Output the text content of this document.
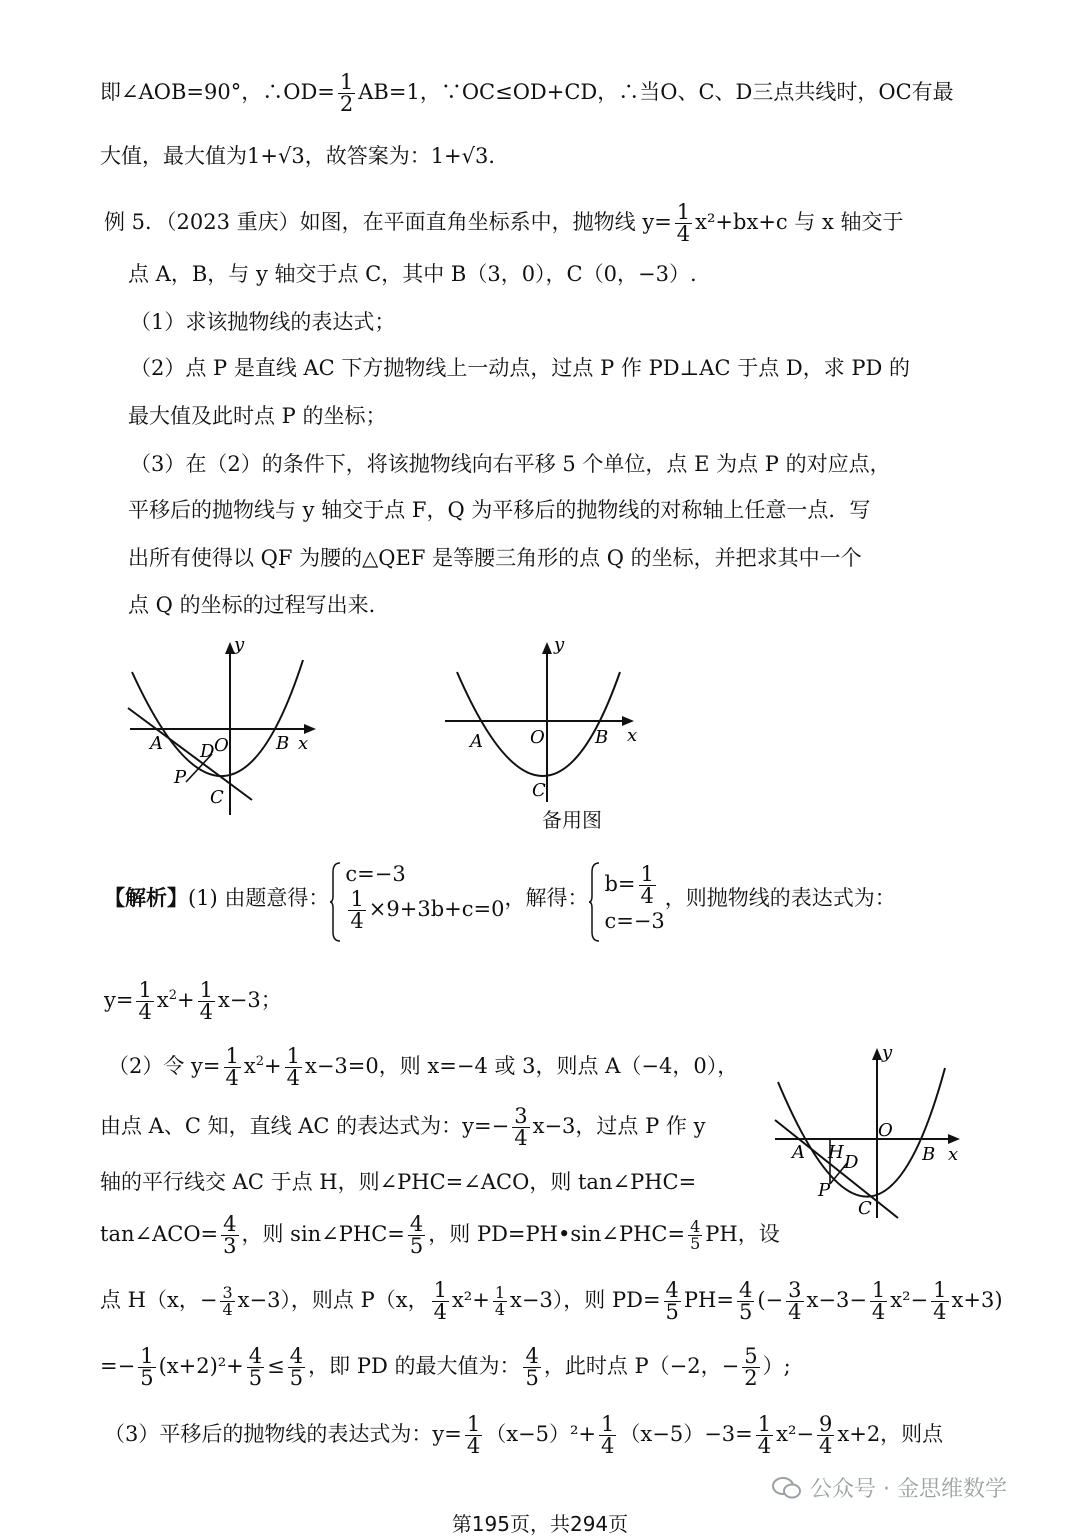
即∠AOB=90°，∴OD= $\frac{1}{2} AB=1$，∵OC≤OD+CD，∴当O、C、D三点共线时，OC有最
大值，最大值为1+√3，故答案为：1+√3．
例 5．（2023 重庆）如图，在平面直角坐标系中，抛物线 $y= \frac{1}{4} x^2+bx+c$ 与 x 轴交于
点 A，B，与 y 轴交于点 C，其中 B（3，0），C（0，−3）.
（1）求该抛物线的表达式；
（2）点 P 是直线 AC 下方抛物线上一动点，过点 P 作 PD⊥AC 于点 D，求 PD 的
最大值及此时点 P 的坐标；
（3）在（2）的条件下，将该抛物线向右平移 5 个单位，点 E 为点 P 的对应点，
平移后的抛物线与 y 轴交于点 F，Q 为平移后的抛物线的对称轴上任意一点．写
出所有使得以 QF 为腰的△QEF 是等腰三角形的点 Q 的坐标，并把求其中一个
点 Q 的坐标的过程写出来．
y
x
A	O
D	B
P
C
y
x
A	O	B
C
备用图
【解析】 (1) 由题意得：
c=−3
$\frac{1}{4} \times 9+3b+c=0$ ，解得：
$b= \frac{1}{4}$
c=−3
，则抛物线的表达式为：
$y= \frac{1}{4} x^2+ \frac{1}{4} x-3$；
（2）令 $y= \frac{1}{4} x^2+ \frac{1}{4} x-3=0$，则 x=−4 或 3，则点 A（−4，0），
由点 A、C 知，直线 AC 的表达式为：$y=- \frac{3}{4} x-3$，过点 P 作 y
轴的平行线交 AC 于点 H，则∠PHC=∠ACO，则 tan∠PHC=
tan∠ACO= $\frac{4}{3}$ ，则 sin∠PHC= $\frac{4}{5}$ ，则 PD=PH•sin∠PHC= $\frac{4}{5}$ PH，设
点 H（x，− $\frac{3}{4} x-3$），则点 P（x， $\frac{1}{4} x^2+ \frac{1}{4} x-3$），则 $PD= \frac{4}{5} PH= \frac{4}{5}$ (− $\frac{3}{4} x-3- \frac{1}{4} x^2- \frac{1}{4} x+3$)
=− $\frac{1}{5} (x+2)^2+ \frac{4}{5} \le \frac{4}{5}$ ，即 PD 的最大值为： $\frac{4}{5}$ ，此时点 P（−2，− $\frac{5}{2}$ ）;
（3）平移后的抛物线的表达式为：$y= \frac{1}{4} (x-5)^2+ \frac{1}{4} (x-5)-3= \frac{1}{4} x^2- \frac{9}{4} x+2$，则点
y
x
A H D
O
B
P
C
公众号 · 金思维数学
第195页，共294页
